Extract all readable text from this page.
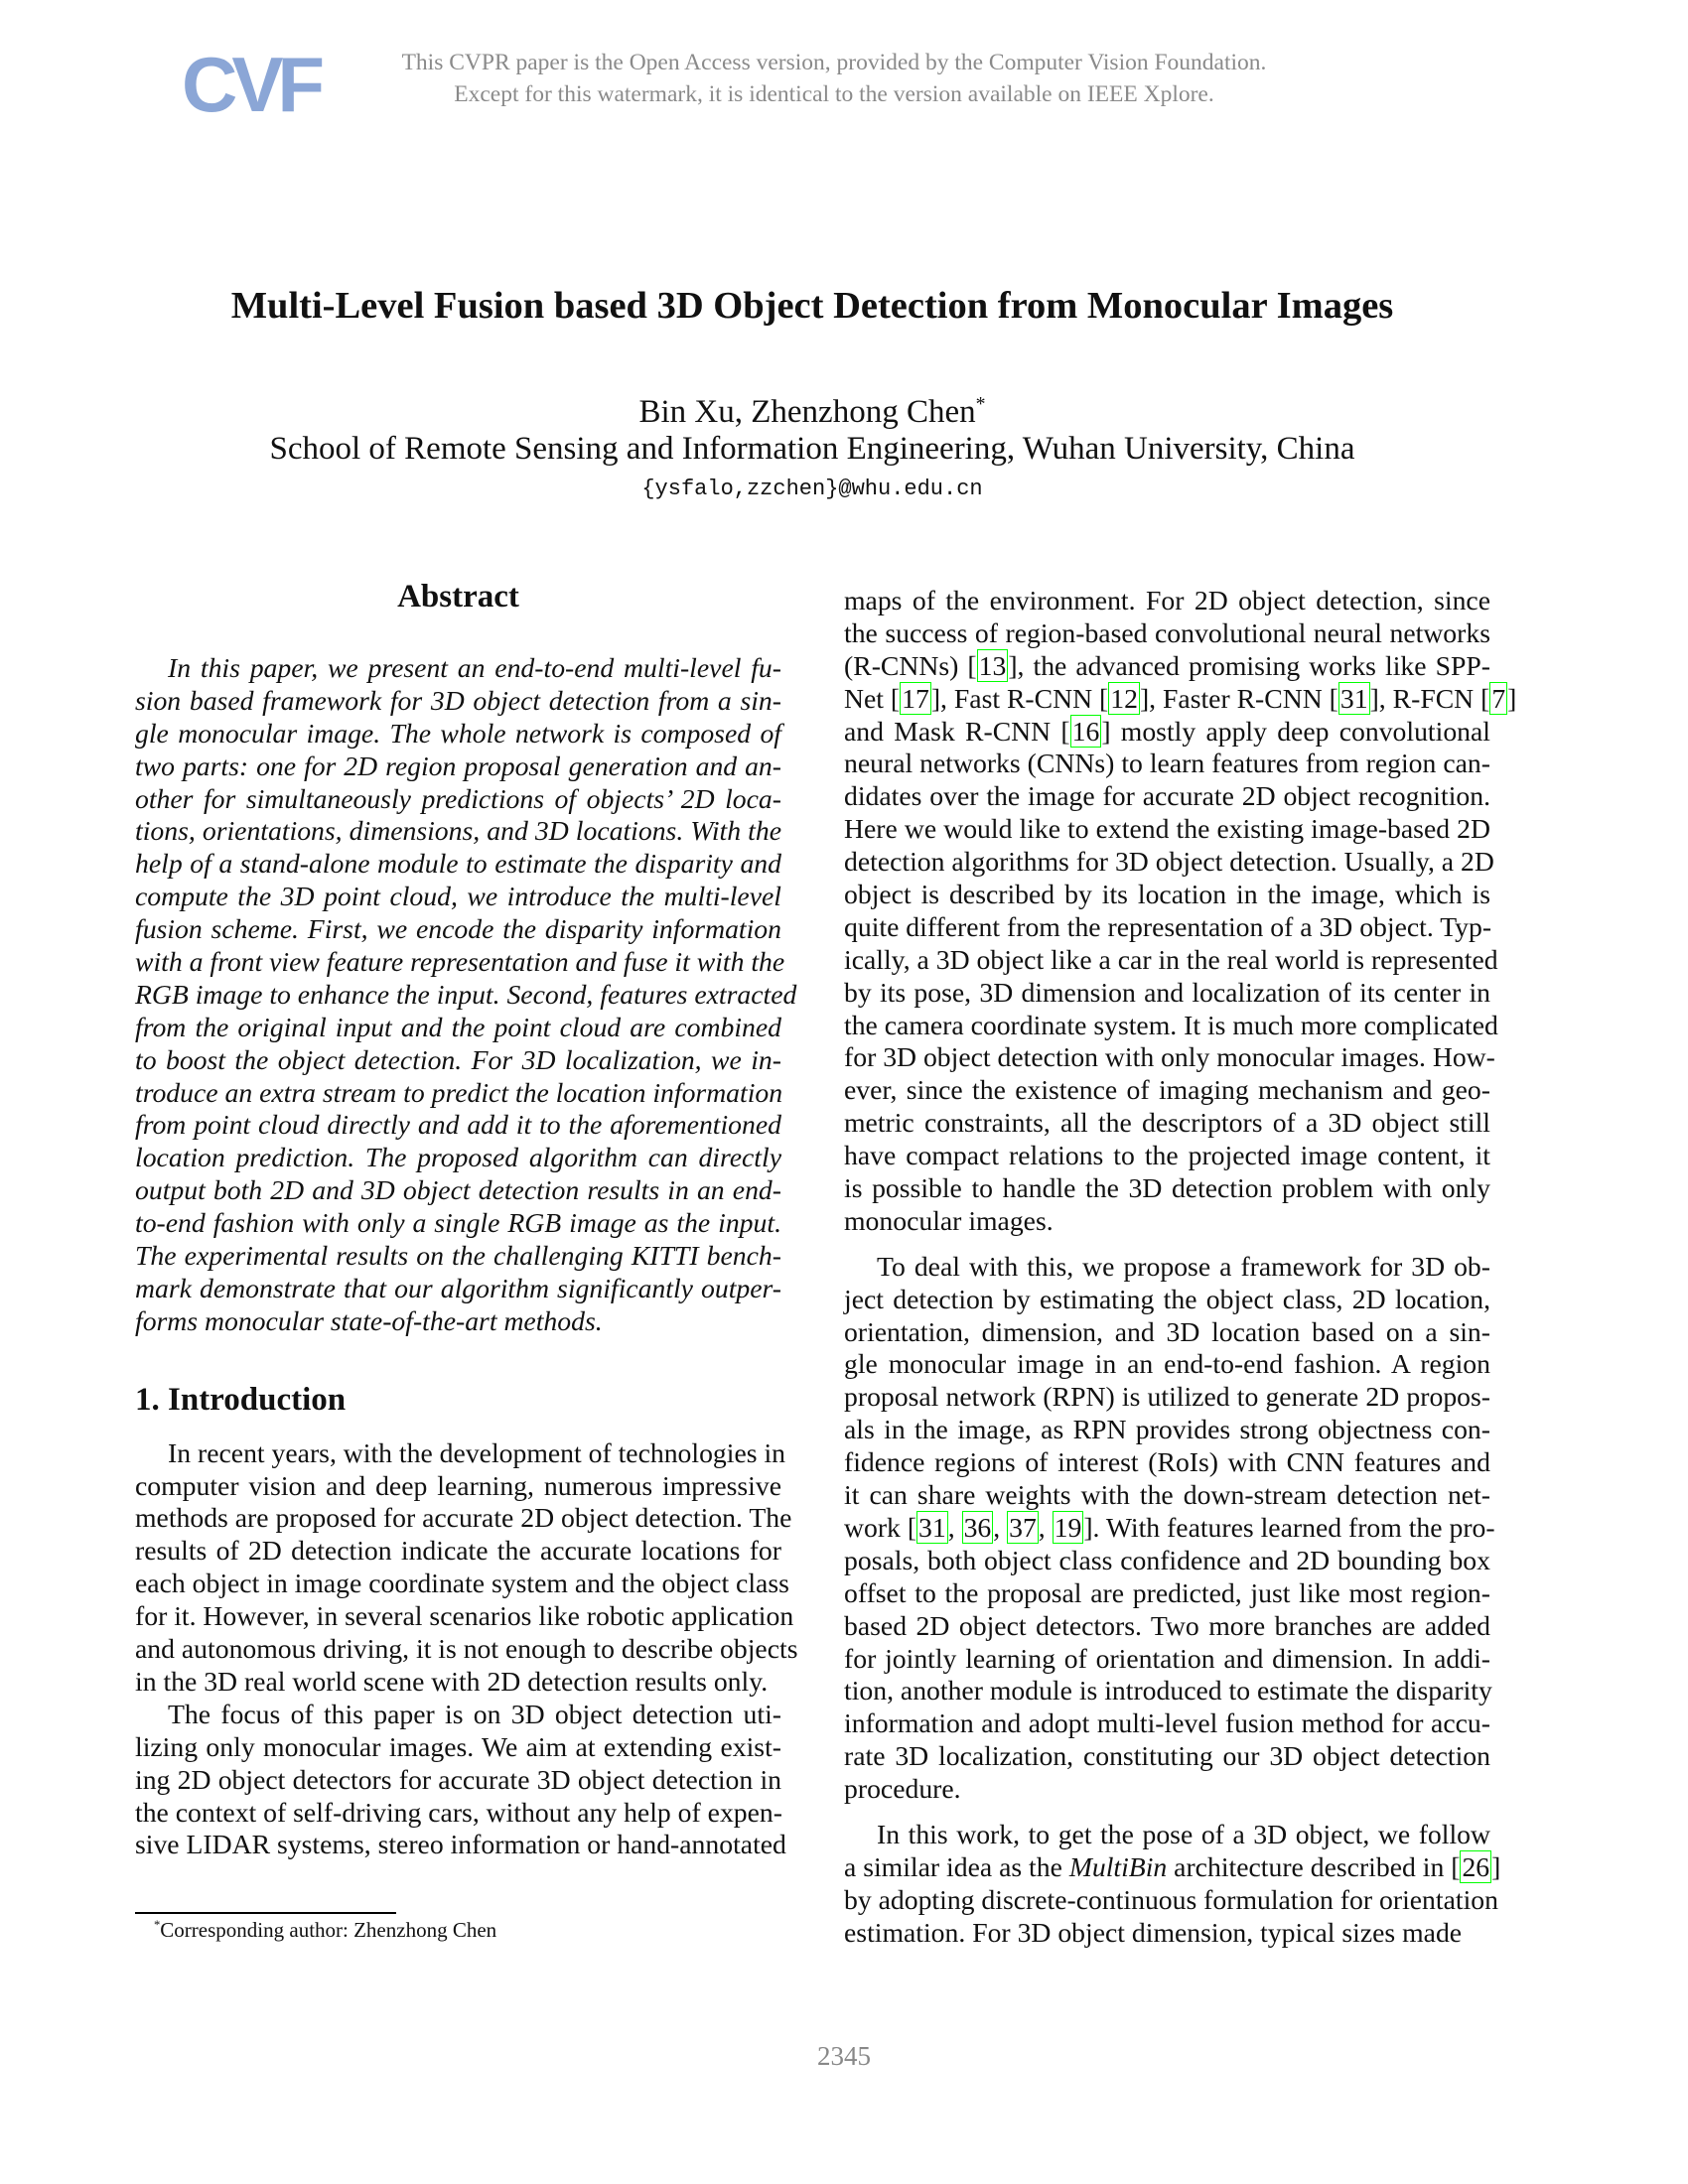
CVF	This CVPR paper is the Open Access version, provided by the Computer Vision Foundation.
Except for this watermark, it is identical to the version available on IEEE Xplore.
Multi-Level Fusion based 3D Object Detection from Monocular Images
Bin Xu, Zhenzhong Chen*
School of Remote Sensing and Information Engineering, Wuhan University, China
{ysfalo,zzchen}@whu.edu.cn
Abstract
In this paper, we present an end-to-end multi-level fu-
sion based framework for 3D object detection from a sin-
gle monocular image. The whole network is composed of
two parts: one for 2D region proposal generation and an-
other for simultaneously predictions of objects’ 2D loca-
tions, orientations, dimensions, and 3D locations. With the
help of a stand-alone module to estimate the disparity and
compute the 3D point cloud, we introduce the multi-level
fusion scheme. First, we encode the disparity information
with a front view feature representation and fuse it with the
RGB image to enhance the input. Second, features extracted
from the original input and the point cloud are combined
to boost the object detection. For 3D localization, we in-
troduce an extra stream to predict the location information
from point cloud directly and add it to the aforementioned
location prediction. The proposed algorithm can directly
output both 2D and 3D object detection results in an end-
to-end fashion with only a single RGB image as the input.
The experimental results on the challenging KITTI bench-
mark demonstrate that our algorithm significantly outper-
forms monocular state-of-the-art methods.
1. Introduction
In recent years, with the development of technologies in
computer vision and deep learning, numerous impressive
methods are proposed for accurate 2D object detection. The
results of 2D detection indicate the accurate locations for
each object in image coordinate system and the object class
for it. However, in several scenarios like robotic application
and autonomous driving, it is not enough to describe objects
in the 3D real world scene with 2D detection results only.
The focus of this paper is on 3D object detection uti-
lizing only monocular images. We aim at extending exist-
ing 2D object detectors for accurate 3D object detection in
the context of self-driving cars, without any help of expen-
sive LIDAR systems, stereo information or hand-annotated
maps of the environment. For 2D object detection, since
the success of region-based convolutional neural networks
(R-CNNs) [13], the advanced promising works like SPP-
Net [17], Fast R-CNN [12], Faster R-CNN [31], R-FCN [7]
and Mask R-CNN [16] mostly apply deep convolutional
neural networks (CNNs) to learn features from region can-
didates over the image for accurate 2D object recognition.
Here we would like to extend the existing image-based 2D
detection algorithms for 3D object detection. Usually, a 2D
object is described by its location in the image, which is
quite different from the representation of a 3D object. Typ-
ically, a 3D object like a car in the real world is represented
by its pose, 3D dimension and localization of its center in
the camera coordinate system. It is much more complicated
for 3D object detection with only monocular images. How-
ever, since the existence of imaging mechanism and geo-
metric constraints, all the descriptors of a 3D object still
have compact relations to the projected image content, it
is possible to handle the 3D detection problem with only
monocular images.
To deal with this, we propose a framework for 3D ob-
ject detection by estimating the object class, 2D location,
orientation, dimension, and 3D location based on a sin-
gle monocular image in an end-to-end fashion. A region
proposal network (RPN) is utilized to generate 2D propos-
als in the image, as RPN provides strong objectness con-
fidence regions of interest (RoIs) with CNN features and
it can share weights with the down-stream detection net-
work [31, 36, 37, 19]. With features learned from the pro-
posals, both object class confidence and 2D bounding box
offset to the proposal are predicted, just like most region-
based 2D object detectors. Two more branches are added
for jointly learning of orientation and dimension. In addi-
tion, another module is introduced to estimate the disparity
information and adopt multi-level fusion method for accu-
rate 3D localization, constituting our 3D object detection
procedure.
In this work, to get the pose of a 3D object, we follow
a similar idea as the MultiBin architecture described in [26]
by adopting discrete-continuous formulation for orientation
estimation. For 3D object dimension, typical sizes made
*Corresponding author: Zhenzhong Chen
2345
